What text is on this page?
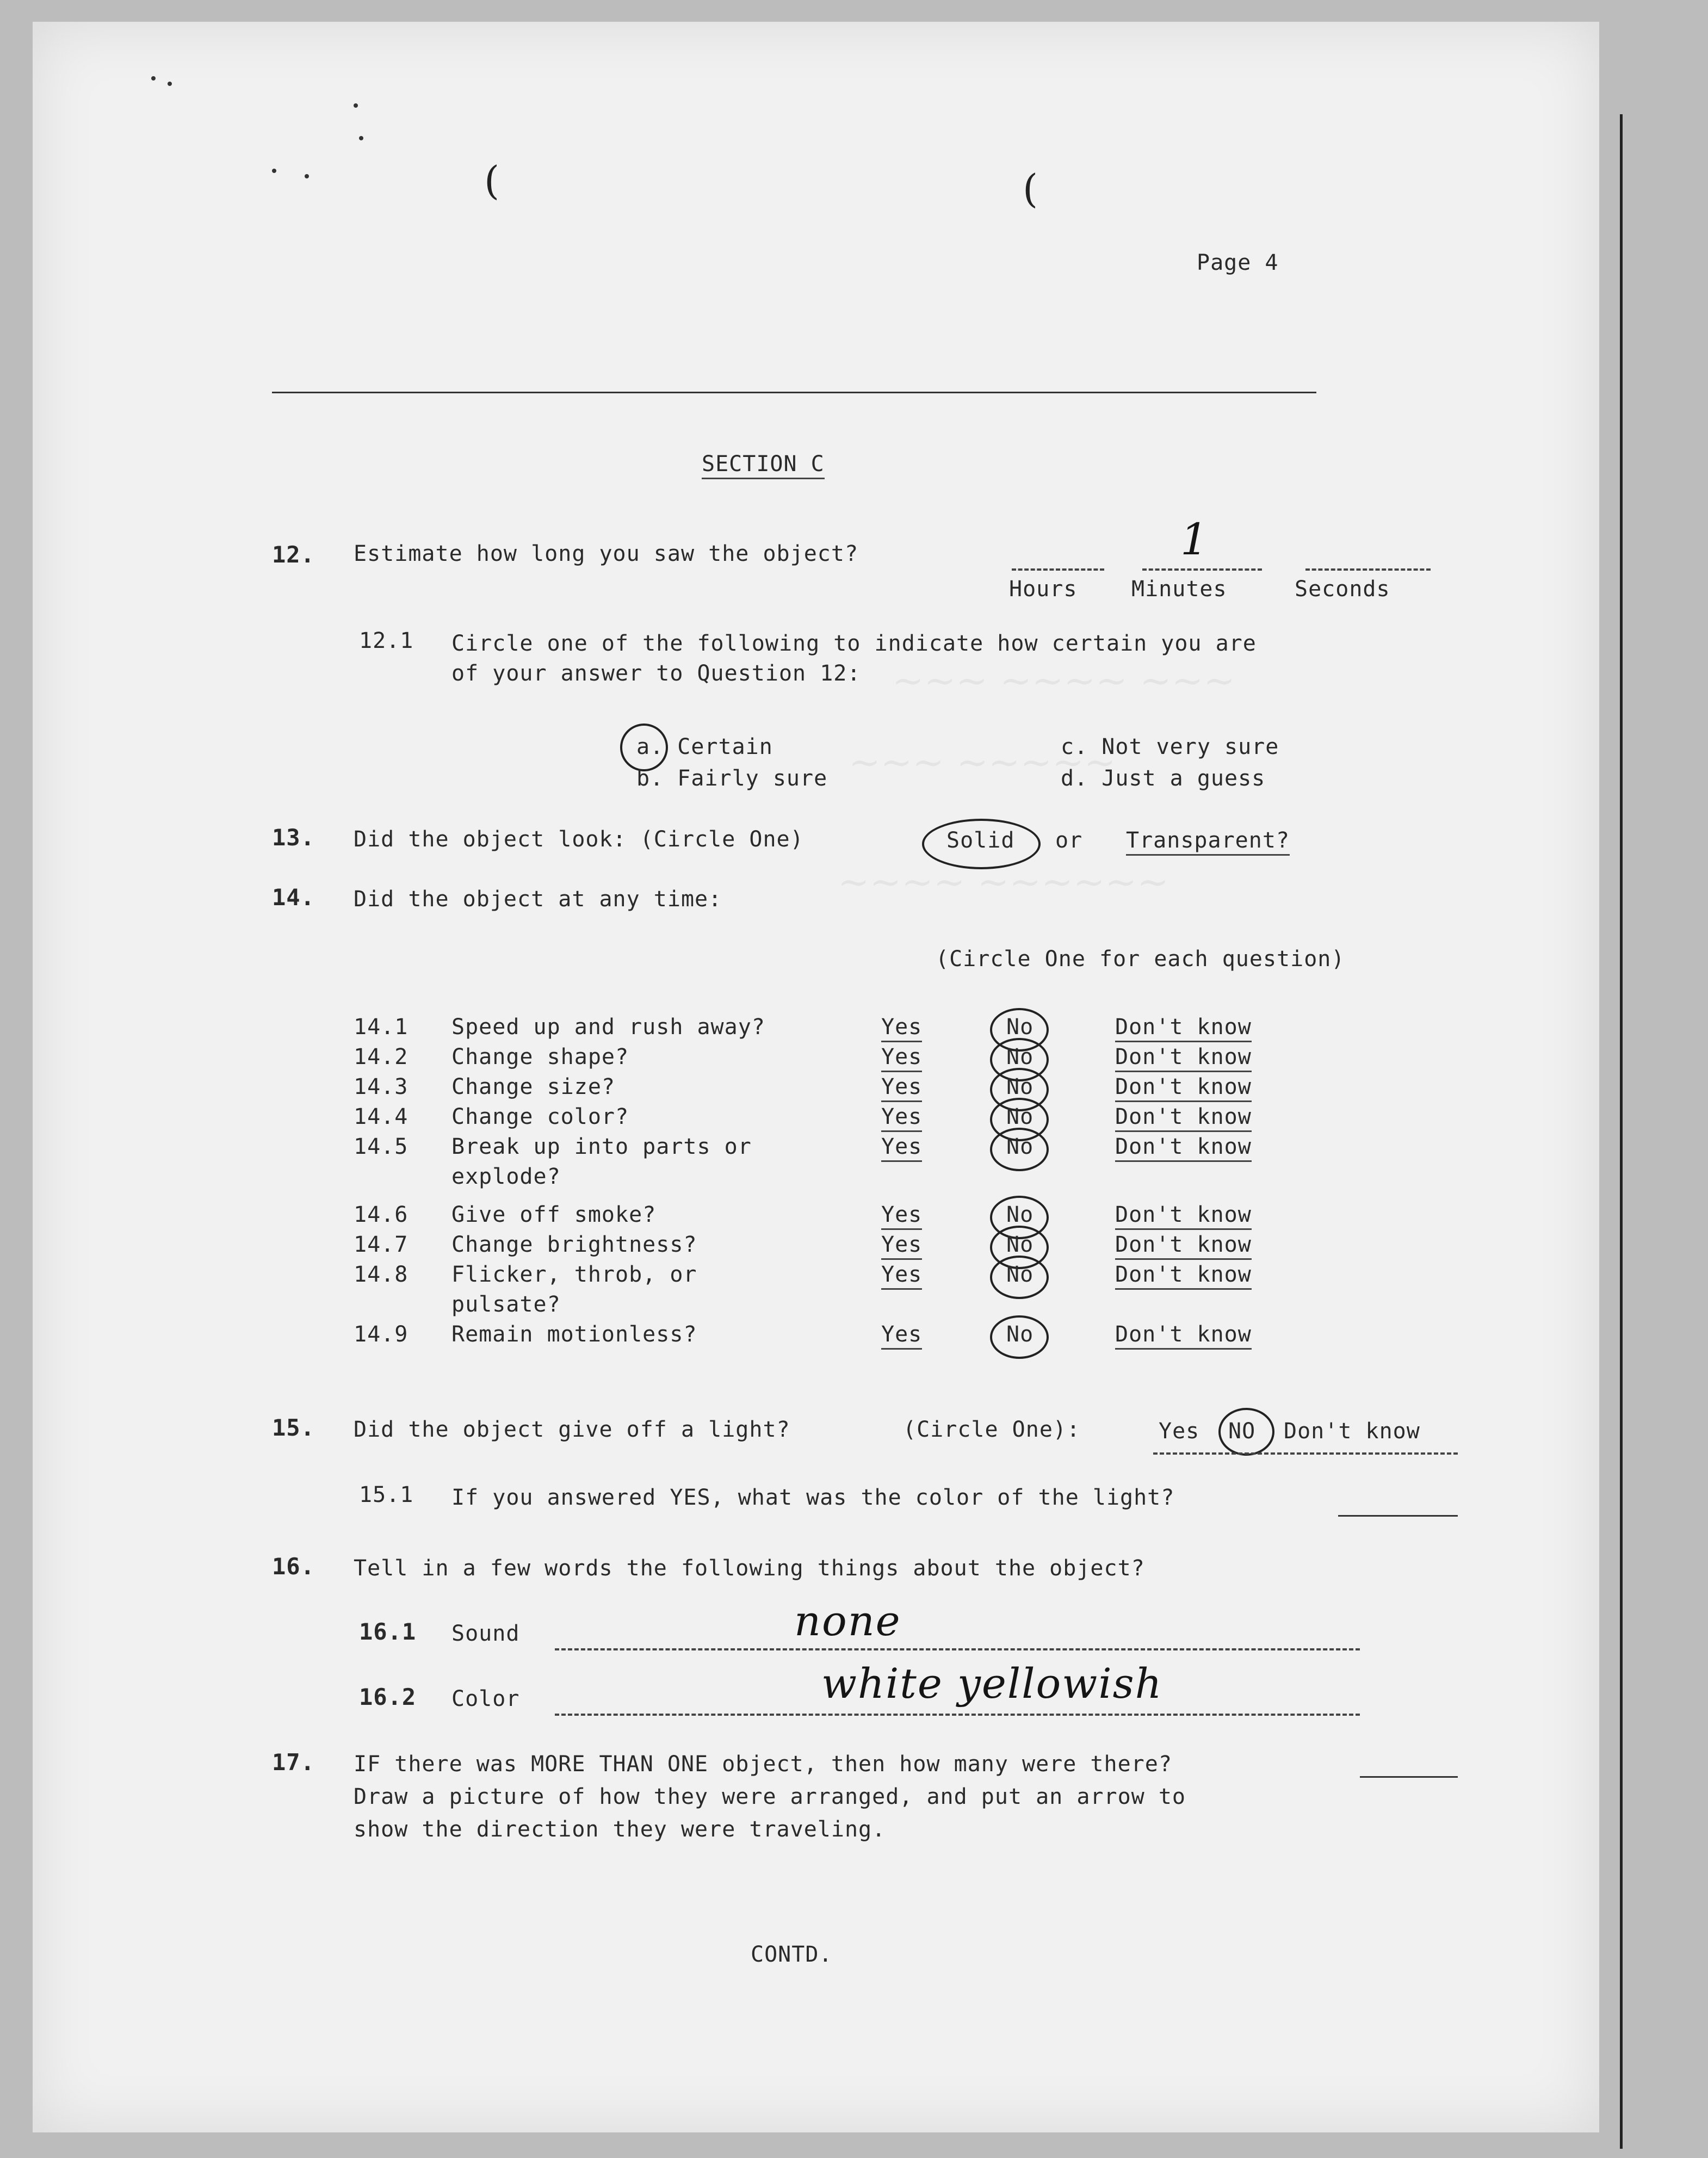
(	(
~~~ ~~~~ ~~~
~~~ ~~~~~
~~~~ ~~~~~~
Page 4
SECTION C
12. Estimate how long you saw the object?	1
Hours Minutes	Seconds
12.1 Circle one of the following to indicate how certain you are
of your answer to Question 12:
a. Certain
b. Fairly sure
c. Not very sure
d. Just a guess
13. Did the object look: (Circle One)	Solid or Transparent?
14. Did the object at any time:
(Circle One for each question)
14.1 Speed up and rush away?	Yes	No	Don't know
14.2 Change shape?	Yes	No	Don't know
14.3 Change size?	Yes	No	Don't know
14.4 Change color?	Yes	No	Don't know
14.5 Break up into parts or
explode?
Yes	No	Don't know
14.6 Give off smoke?	Yes	No	Don't know
14.7 Change brightness?	Yes	No	Don't know
14.8 Flicker, throb, or
pulsate?
Yes	No	Don't know
14.9 Remain motionless?	Yes	No	Don't know
15. Did the object give off a light?	(Circle One):	Yes NO Don't know
15.1 If you answered YES, what was the color of the light?
16. Tell in a few words the following things about the object?
16.1 Sound	none
16.2 Color	white yellowish
17. IF there was MORE THAN ONE object, then how many were there?
Draw a picture of how they were arranged, and put an arrow to
show the direction they were traveling.
CONTD.
